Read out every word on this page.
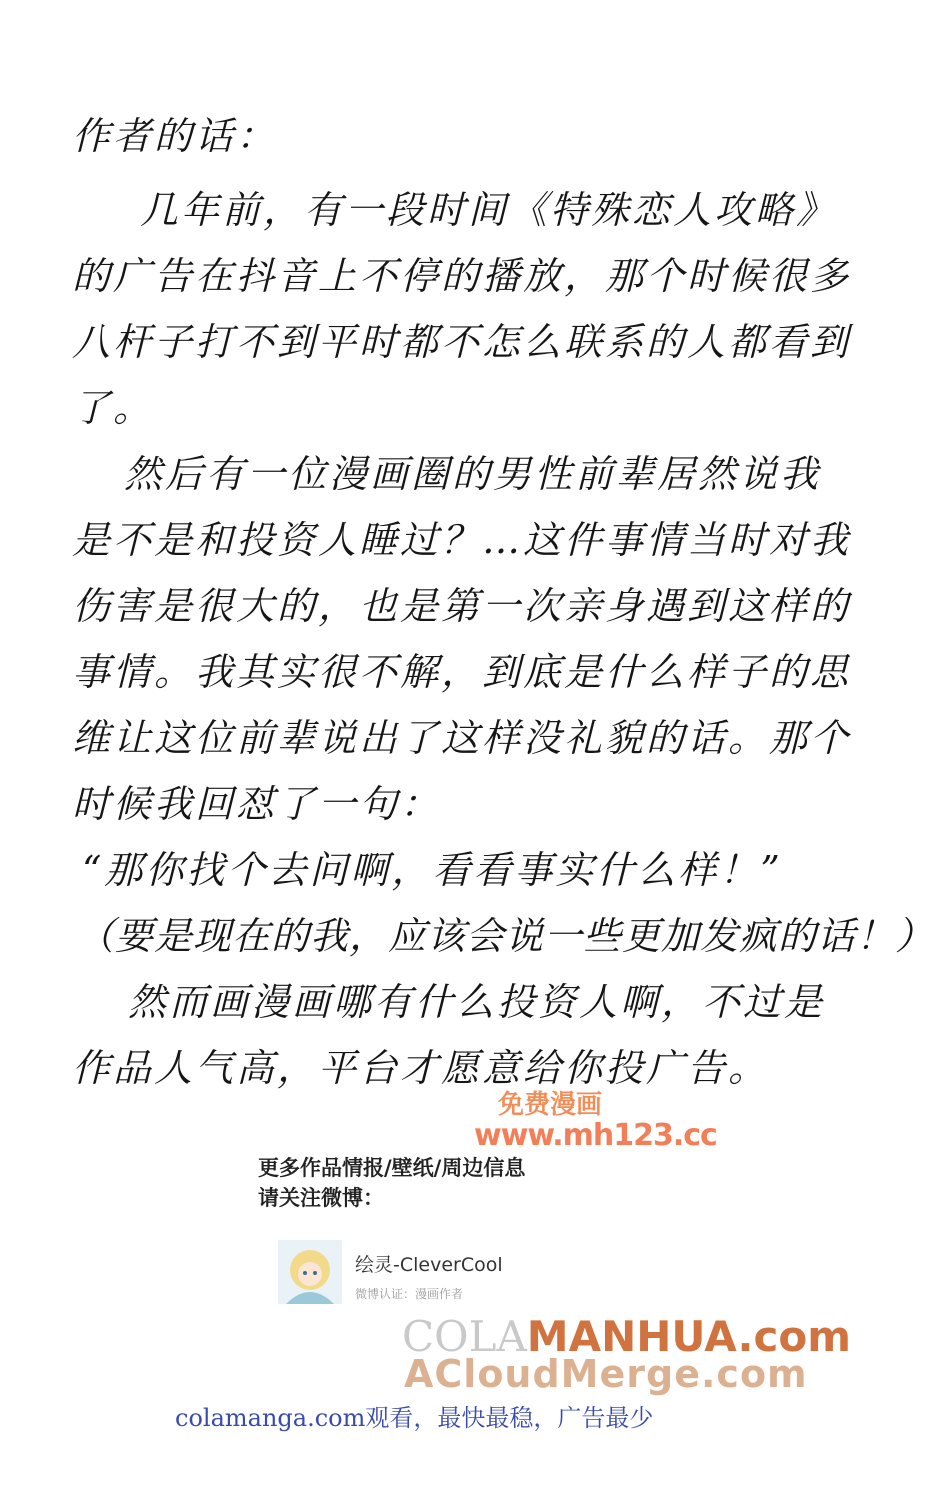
作者的话：
几年前，有一段时间《特殊恋人攻略》
的广告在抖音上不停的播放，那个时候很多
八杆子打不到平时都不怎么联系的人都看到
了。
然后有一位漫画圈的男性前辈居然说我
是不是和投资人睡过？…这件事情当时对我
伤害是很大的，也是第一次亲身遇到这样的
事情。我其实很不解，到底是什么样子的思
维让这位前辈说出了这样没礼貌的话。那个
时候我回怼了一句：
“那你找个去问啊，看看事实什么样！”
（要是现在的我，应该会说一些更加发疯的话！）
然而画漫画哪有什么投资人啊，不过是
作品人气高，平台才愿意给你投广告。
免费漫画
www.mh123.cc
更多作品情报/壁纸/周边信息
请关注微博：
绘灵-CleverCool
微博认证：漫画作者
COLAMANHUA.com
ACloudMerge.com
colamanga.com观看，最快最稳，广告最少
